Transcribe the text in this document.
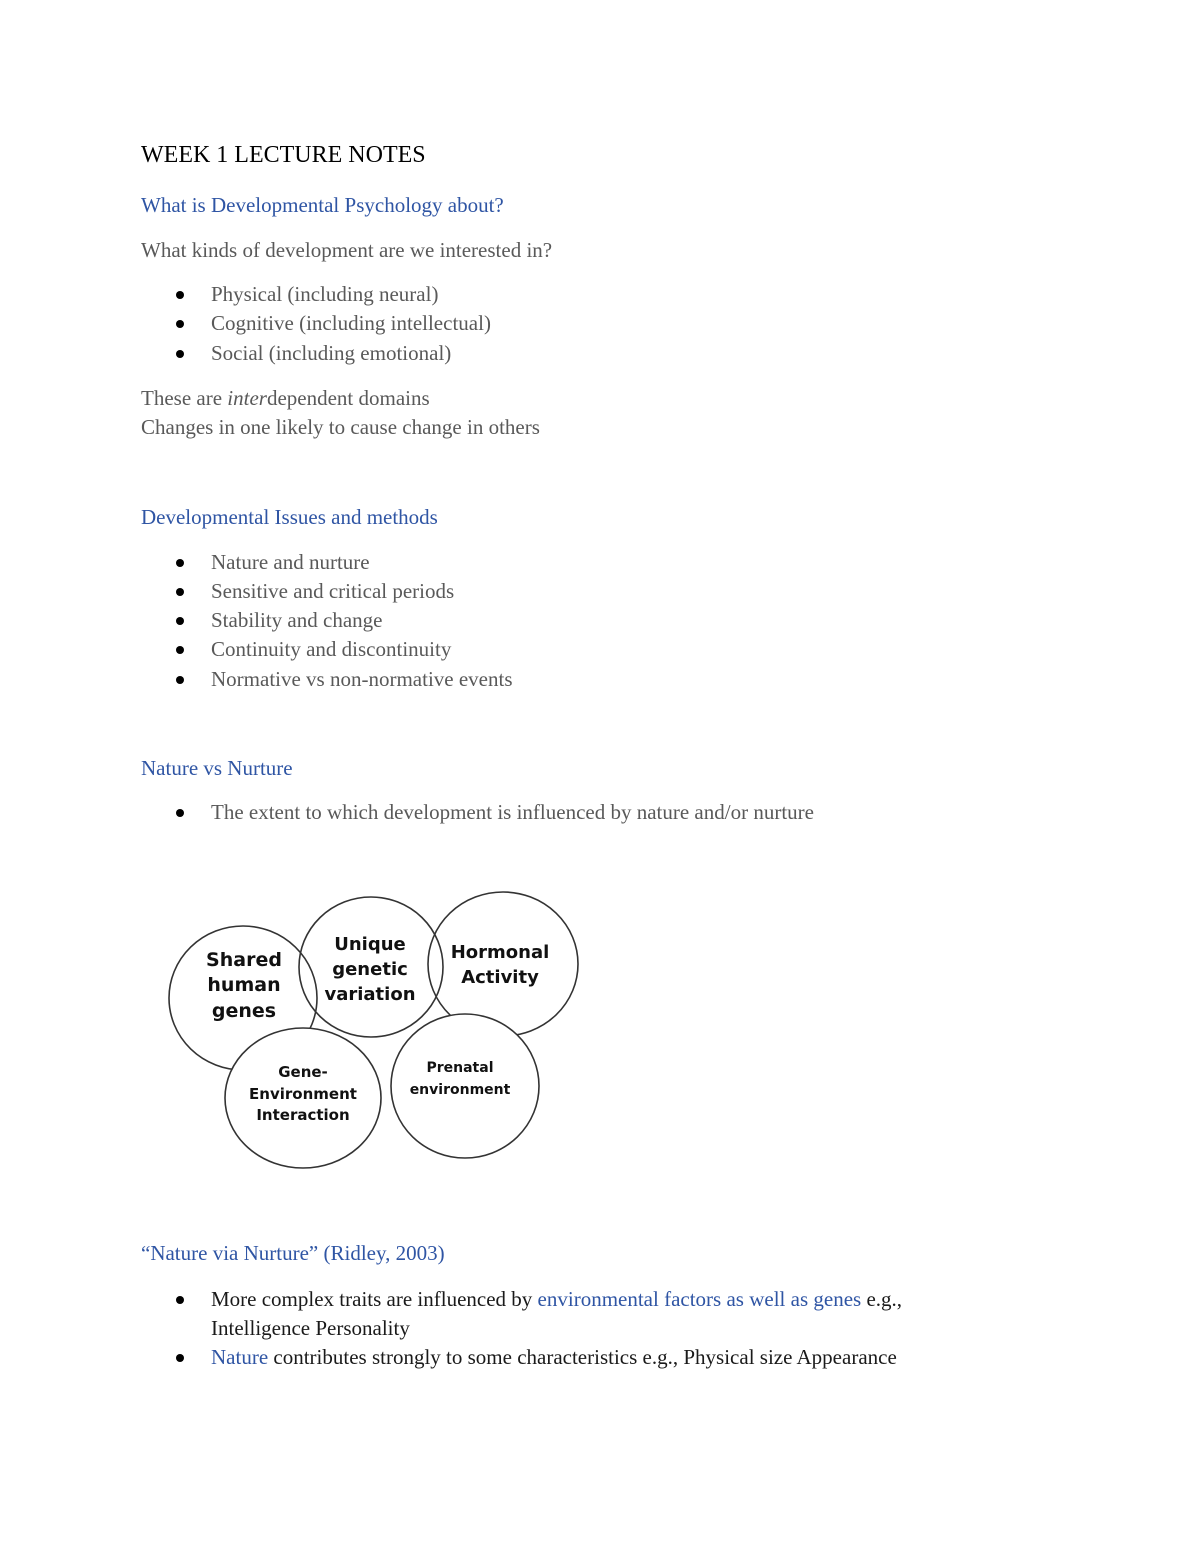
WEEK 1 LECTURE NOTES
What is Developmental Psychology about?
What kinds of development are we interested in?
Physical (including neural)
Cognitive (including intellectual)
Social (including emotional)
These are interdependent domains
Changes in one likely to cause change in others
Developmental Issues and methods
Nature and nurture
Sensitive and critical periods
Stability and change
Continuity and discontinuity
Normative vs non-normative events
Nature vs Nurture
The extent to which development is influenced by nature and/or nurture
Shared
human
genes
Unique
genetic
variation
Hormonal
Activity
Gene-
Environment
Interaction
Prenatal
environment
“Nature via Nurture” (Ridley, 2003)
More complex traits are influenced by environmental factors as well as genes e.g.,
Intelligence Personality
Nature contributes strongly to some characteristics e.g., Physical size Appearance
